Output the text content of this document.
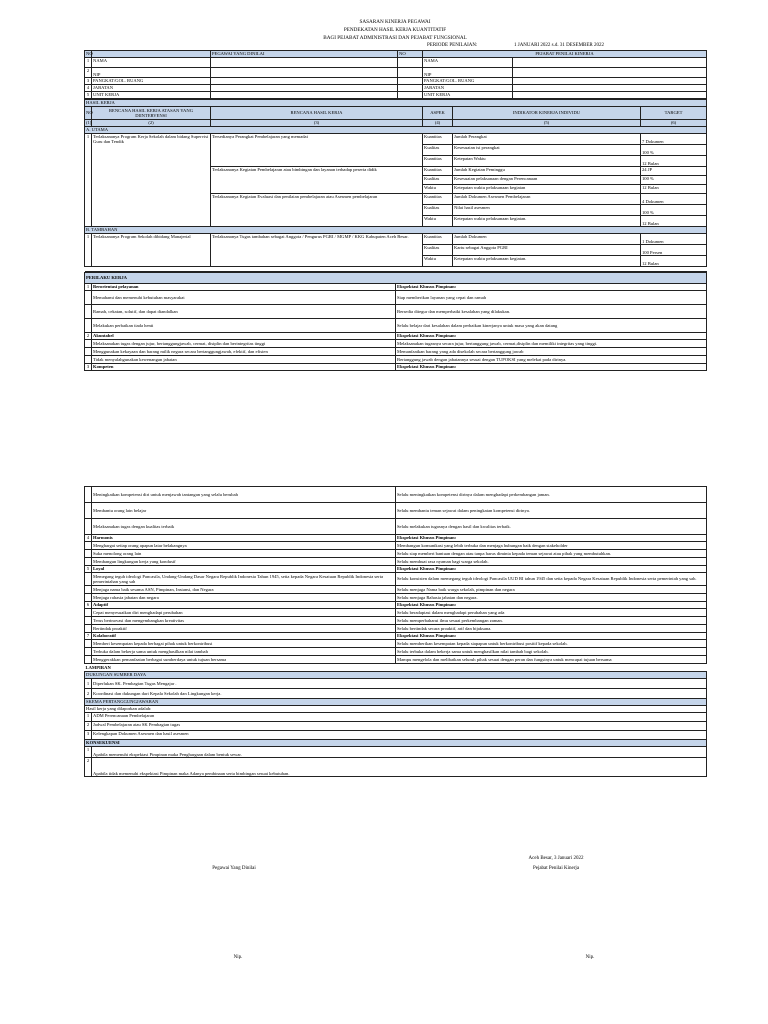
SASARAN KINERJA PEGAWAI
PENDEKATAN HASIL KERJA KUANTITATIF
BAGI PEJABAT ADMINISTRASI DAN PEJABAT FUNGSIONAL
PERIODE PENILAIAN:	1 JANUARI 2022 s.d. 31 DESEMBER 2022
NO		PEGAWAI YANG DINILAI	NO	PEJABAT PENILAI KINERJA	
1	NAMA			NAMA	
2	NIP			NIP	
3	PANGKAT/GOL. RUANG			PANGKAT/GOL. RUANG	
4	JABATAN			JABATAN	
5	UNIT KERJA			UNIT KERJA	
HASIL KERJA					
NO	RENCANA HASIL KERJA ATASAN YANG DIINTERVENSI	RENCANA HASIL KERJA	ASPEK	INDIKATOR KINERJA INDIVIDU	TARGET
(1)	(2)	(3)	(4)	(5)	(6)
A. UTAMA					
1	Terlaksananya Program Kerja Sekolah dalam bidang Supervisi Guru dan Tendik	Tersedianya Perangkat Pembelajaran yang memadai	Kuantitas	Jumlah Perangkat	7 Dokumen
			Kualitas	Kesesuaian isi perangkat	100 %
			Kuantitas	Ketepatan Waktu	12 Bulan
		Terlaksananya Kegiatan Pembelajaran atau bimbingan dan layanan terhadap peserta didik	Kuantitas	Jumlah Kegiatan Peminggu	24 JP
			Kualitas	Kesesuaian pelaksanaan dengan Perencanaan	100 %
			Waktu	Ketepatan waktu pelaksanaan kegiatan	12 Bulan
		Terlaksananya Kegiatan Evaluasi dan penilaian pembelajaran atau Asesmen pembelajaran	Kuantitas	Jumlah Dokumen Asesmen Pembelajaran	4 Dokumen
			Kualitas	Nilai hasil asesmen	100 %
			Waktu	Ketepatan waktu pelaksanaan kegiatan.	12 Bulan
B. TAMBAHAN					
1	Terlaksananya Program Sekolah dibidang Manajerial	Terlaksananya Tugas tambahan sebagai Anggota / Pengurus PGRI / MGMP / KKG Kabupaten Aceh Besar.	Kuantitas	Jumlah Dokumen	1 Dokumen
			Kualitas	Kartu sebagai Anggota PGRI	100 Persen
			Waktu	Ketepatan waktu pelaksanaan kegiatan.	12 Bulan

PERILAKU KERJA		
1	Berorientasi pelayanan	Ekspektasi Khusus Pimpinan:
	Memahami dan memenuhi kebutuhan masyarakat	Siap memberikan layanan yang cepat dan ramah
	Ramah, cekatan, solutif, dan dapat diandalkan	Bersedia ditegur dan memperbaiki kesalahan yang dilakukan.
	Melakukan perbaikan tiada henti	Selalu belajar dari kesalahan dalam perbaikan kinerjanya untuk masa yang akan datang
2	Akuntabel	Ekspektasi Khusus Pimpinan:
	Melaksanakan tugas dengan jujur, bertanggungjawab, cermat, disiplin dan berintegritas tinggi	Melaksanakan tugasnya secara jujur, bertanggung jawab, cermat,disiplin dan memiliki integritas yang tinggi.
	Menggunakan kekayaan dan barang milik negara secara bertanggungjawab, efektif, dan efisien	Memanfaatkan barang yang ada disekolah secara bertanggung jawab
	Tidak menyalahgunakan kewenangan jabatan	Bertanggung jawab dengan jabatannya sesuai dengan TUPOKSI yang melekat pada dirinya.
3	Kompeten	Ekspektasi Khusus Pimpinan:
	Meningkatkan kompetensi diri untuk menjawab tantangan yang selalu berubah	Selalu meningkatkan kompetensi dirinya dalam menghadapi perkembangan jaman.
	Membantu orang lain belajar	Selalu membantu teman sejawat dalam peningkatan kompetensi dirinya.
	Melaksanakan tugas dengan kualitas terbaik	Selalu melakukan tugasnya dengan hasil dan kwalitas terbaik.
4	Harmonis	Ekspektasi Khusus Pimpinan:
	Menghargai setiap orang apapun latar belakangnya	Membangun komunikasi yang lebih terbuka dan menjaga hubungan baik dengan stakeholder
	Suka menolong orang lain	Selalu siap memberi bantuan dengan atau tanpa harus diminta kepada teman sejawat atau pihak yang membutuhkan.
	Membangun lingkungan kerja yang kondusif	Selalu membuat rasa nyaman bagi warga sekolah.
5	Loyal	Ekspektasi Khusus Pimpinan:
	Memegang teguh ideologi Pancasila, Undang-Undang Dasar Negara Republik Indonesia Tahun 1945, setia kepada Negara Kesatuan Republik Indonesia serta pemerintahan yang sah	Selalu konsisten dalam memegang teguh ideologi Pancasila UUD RI tahun 1945 dan setia kepada Negara Kesatuan Republik Indonesia serta pemerintah yang sah.
	Menjaga nama baik sesama ASN, Pimpinan, Instansi, dan Negara	Selalu menjaga Nama baik warga sekolah, pimpinan dan negara
	Menjaga rahasia jabatan dan negara	Selalu menjaga Rahasia jabatan dan negara.
6	Adaptif	Ekspektasi Khusus Pimpinan:
	Cepat menyesuaikan diri menghadapi perubahan	Selalu beradaptasi dalam menghadapi perubahan yang ada
	Terus berinovasi dan mengembangkan kreativitas	Selalu memperbaharui ilmu sesuai perkembangan zaman.
	Bertindak proaktif	Selalu bertindak secara proaktif, arif dan bijaksana.
7	Kolaboratif	Ekspektasi Khusus Pimpinan:
	Memberi kesempatan kepada berbagai pihak untuk berkontribusi	Selalu memberikan kesempatan kepada siapapun untuk berkontribusi positif kepada sekolah.
	Terbuka dalam bekerja sama untuk menghasilkan nilai tambah	Selalu terbuka dalam bekerja sama untuk menghasilkan nilai tambah bagi sekolah.
	Menggerakkan pemanfaatan berbagai sumberdaya untuk tujuan bersama	Mampu mengelola dan melibatkan seluruh pihak sesuai dengan peran dan fungsinya untuk mencapai tujuan bersama
LAMPIRAN	
DUKUNGAN SUMBER DAYA	
1	Diperlukan SK. Pembagian Tugas Mengajar .
2	Koordinasi dan dukungan dari Kepala Sekolah dan Lingkungan kerja.
SKEMA PERTANGGUNGJAWABAN	
Hasil kerja yang dilaporkan adalah:	
1	ADM Perencanaan Pembelajaran
2	Jadwal Pembelajaran atau SK Pembagian tugas
3	Kelengkapan Dokumen Asesmen dan hasil asesmen
KONSEKUENSI	
1	Apabila memenuhi ekspektasi Pimpinan maka Penghargaan dalam bentuk sewar.
2	Apabila tidak memenuhi ekspektasi Pimpinan maka Adanya pembinaan serta bimbingan sesuai kebutuhan.
Aceh Besar, 3 Januari 2022
Pegawai Yang Dinilai	Pejabat Penilai Kinerja
Nip.	Nip.
